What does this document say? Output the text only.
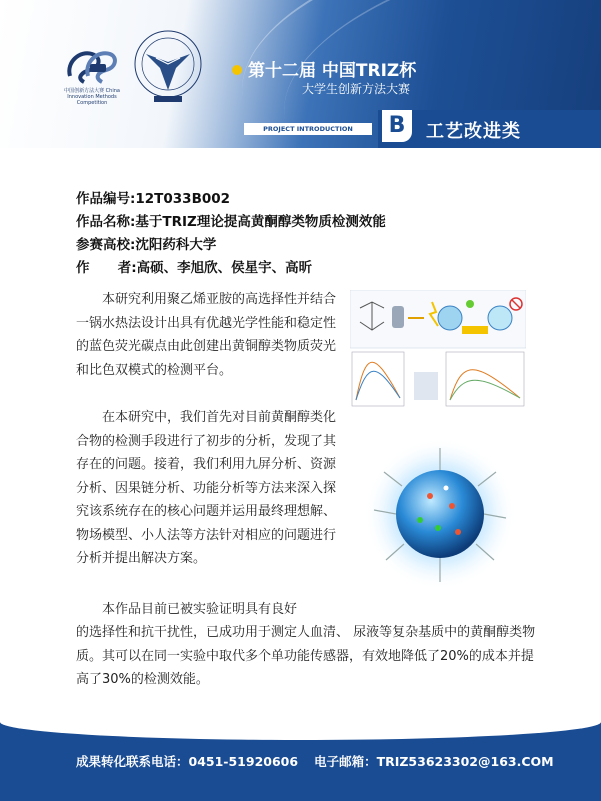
中国创新方法大赛 China Innovation Methods Competition
第十二届 中国TRIZ杯
大学生创新方法大赛
PROJECT INTRODUCTION	B	工艺改进类
作品编号:12T033B002
作品名称:基于TRIZ理论提高黄酮醇类物质检测效能
参赛高校:沈阳药科大学
作      者:高硕、李旭欣、侯星宇、高昕
本研究利用聚乙烯亚胺的高选择性并结合一锅水热法设计出具有优越光学性能和稳定性的蓝色荧光碳点由此创建出黄铜醇类物质荧光和比色双模式的检测平台。
在本研究中，我们首先对目前黄酮醇类化合物的检测手段进行了初步的分析，发现了其存在的问题。接着，我们利用九屏分析、资源分析、因果链分析、功能分析等方法来深入探究该系统存在的核心问题并运用最终理想解、物场模型、小人法等方法针对相应的问题进行分析并提出解决方案。
本作品目前已被实验证明具有良好
的选择性和抗干扰性，已成功用于测定人血清、 尿液等复杂基质中的黄酮醇类物质。其可以在同一实验中取代多个单功能传感器，有效地降低了20%的成本并提高了30%的检测效能。
成果转化联系电话：0451-51920606 电子邮箱：TRIZ53623302@163.COM
